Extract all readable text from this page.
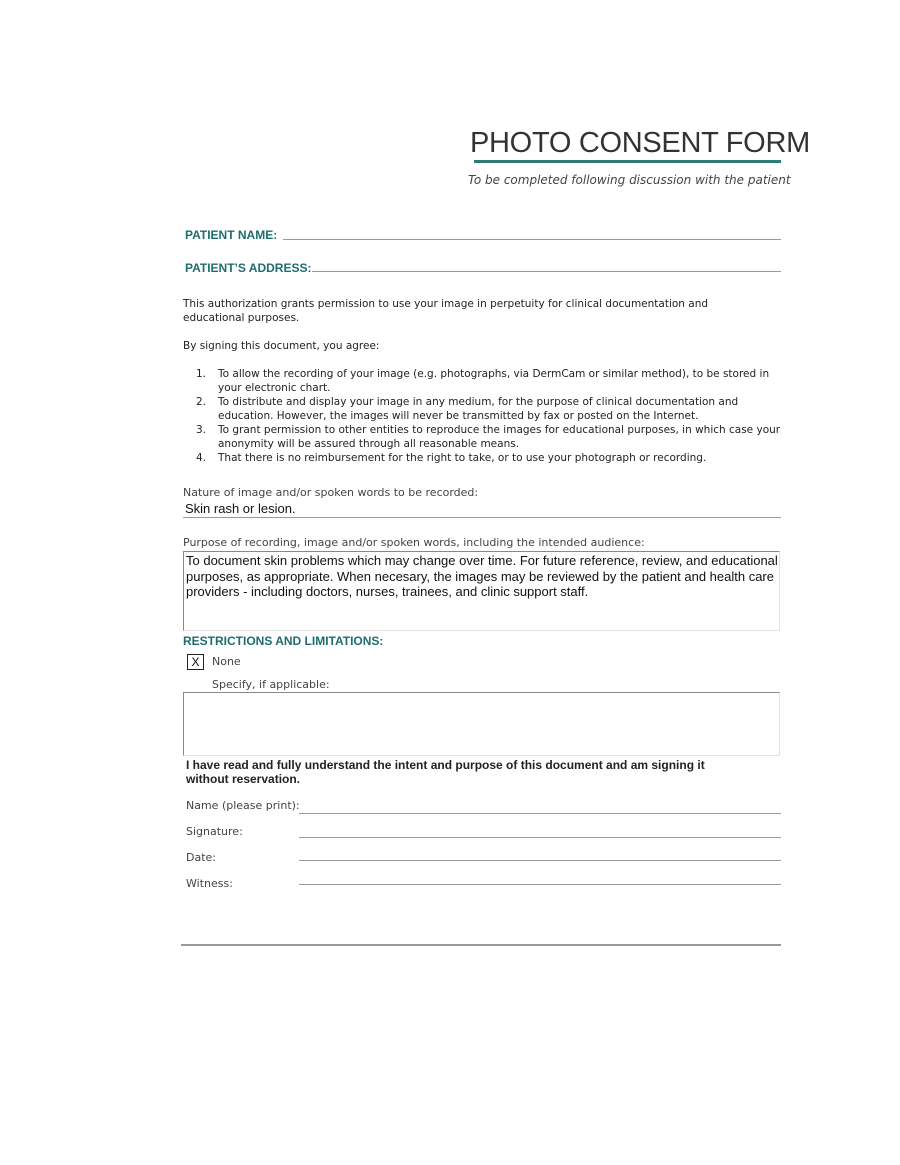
PHOTO CONSENT FORM
To be completed following discussion with the patient
PATIENT NAME:
PATIENT’S ADDRESS:
This authorization grants permission to use your image in perpetuity for clinical documentation and educational purposes.
By signing this document, you agree:
1. To allow the recording of your image (e.g. photographs, via DermCam or similar method), to be stored in your electronic chart.
2. To distribute and display your image in any medium, for the purpose of clinical documentation and education. However, the images will never be transmitted by fax or posted on the Internet.
3. To grant permission to other entities to reproduce the images for educational purposes, in which case your anonymity will be assured through all reasonable means.
4. That there is no reimbursement for the right to take, or to use your photograph or recording.
Nature of image and/or spoken words to be recorded:
Skin rash or lesion.
Purpose of recording, image and/or spoken words, including the intended audience:
To document skin problems which may change over time. For future reference, review, and educational purposes, as appropriate. When necesary, the images may be reviewed by the patient and health care providers - including doctors, nurses, trainees, and clinic support staff.
RESTRICTIONS AND LIMITATIONS:
X	None
Specify, if applicable:
I have read and fully understand the intent and purpose of this document and am signing it without reservation.
Name (please print):
Signature:
Date:
Witness:
